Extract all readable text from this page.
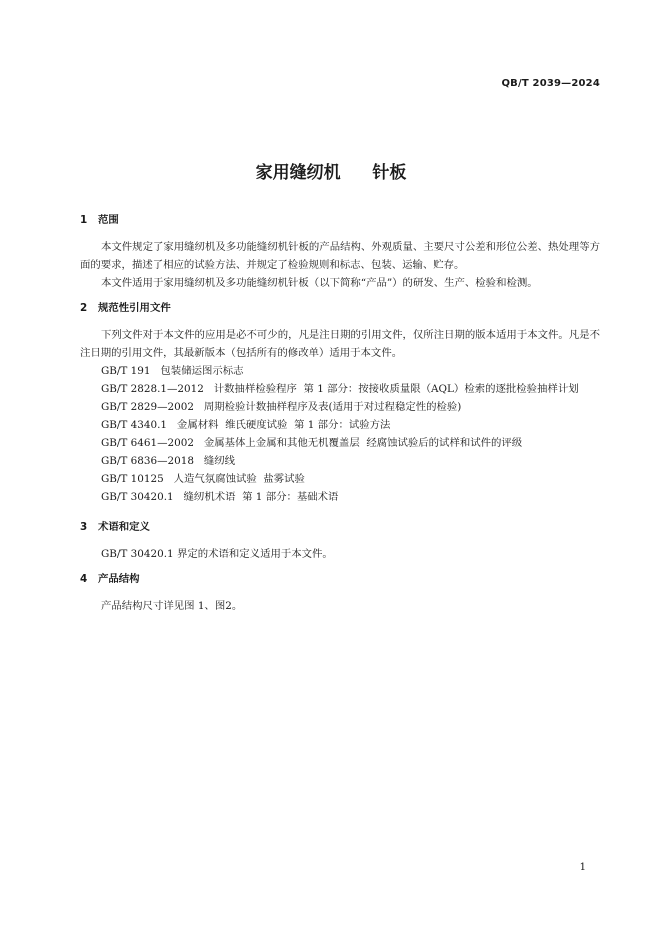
QB/T 2039—2024
家用缝纫机  针板
1 范围
本文件规定了家用缝纫机及多功能缝纫机针板的产品结构、外观质量、主要尺寸公差和形位公差、热处理等方面的要求，描述了相应的试验方法、并规定了检验规则和标志、包装、运输、贮存。
本文件适用于家用缝纫机及多功能缝纫机针板（以下简称“产品”）的研发、生产、检验和检测。
2 规范性引用文件
下列文件对于本文件的应用是必不可少的，凡是注日期的引用文件，仅所注日期的版本适用于本文件。凡是不注日期的引用文件，其最新版本（包括所有的修改单）适用于本文件。
GB/T 191   包装储运图示标志
GB/T 2828.1—2012   计数抽样检验程序  第 1 部分：按接收质量限（AQL）检索的逐批检验抽样计划
GB/T 2829—2002   周期检验计数抽样程序及表(适用于对过程稳定性的检验)
GB/T 4340.1   金属材料  维氏硬度试验  第 1 部分：试验方法
GB/T 6461—2002   金属基体上金属和其他无机覆盖层  经腐蚀试验后的试样和试件的评级
GB/T 6836—2018   缝纫线
GB/T 10125   人造气氛腐蚀试验  盐雾试验
GB/T 30420.1   缝纫机术语  第 1 部分：基础术语
3 术语和定义
GB/T 30420.1 界定的术语和定义适用于本文件。
4 产品结构
产品结构尺寸详见图 1、图2。
1
